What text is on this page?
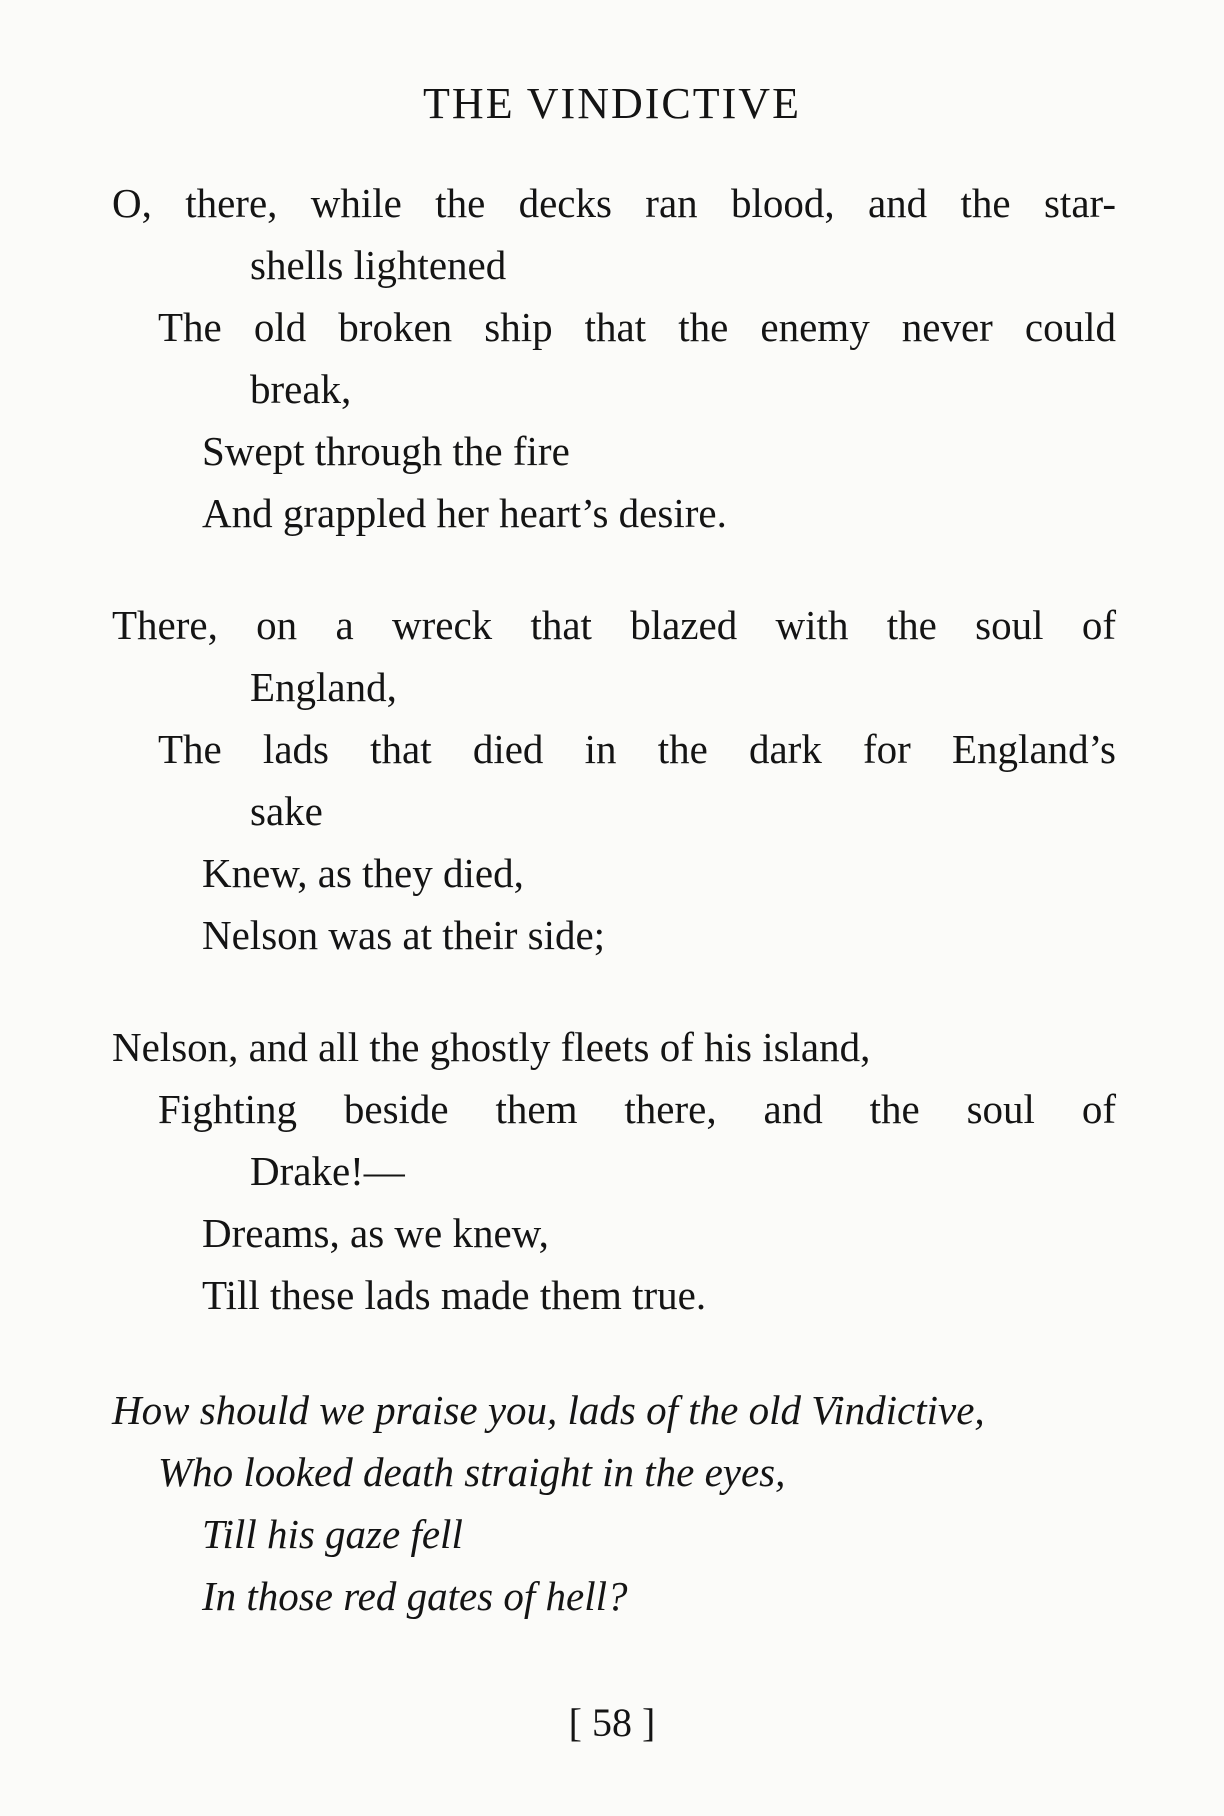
THE VINDICTIVE
O, there, while the decks ran blood, and the star-
shells lightened
The old broken ship that the enemy never could
break,
Swept through the fire
And grappled her heart’s desire.
There, on a wreck that blazed with the soul of
England,
The lads that died in the dark for England’s
sake
Knew, as they died,
Nelson was at their side;
Nelson, and all the ghostly fleets of his island,
Fighting beside them there, and the soul of
Drake!—
Dreams, as we knew,
Till these lads made them true.
How should we praise you, lads of the old Vindictive,
Who looked death straight in the eyes,
Till his gaze fell
In those red gates of hell?
[ 58 ]
